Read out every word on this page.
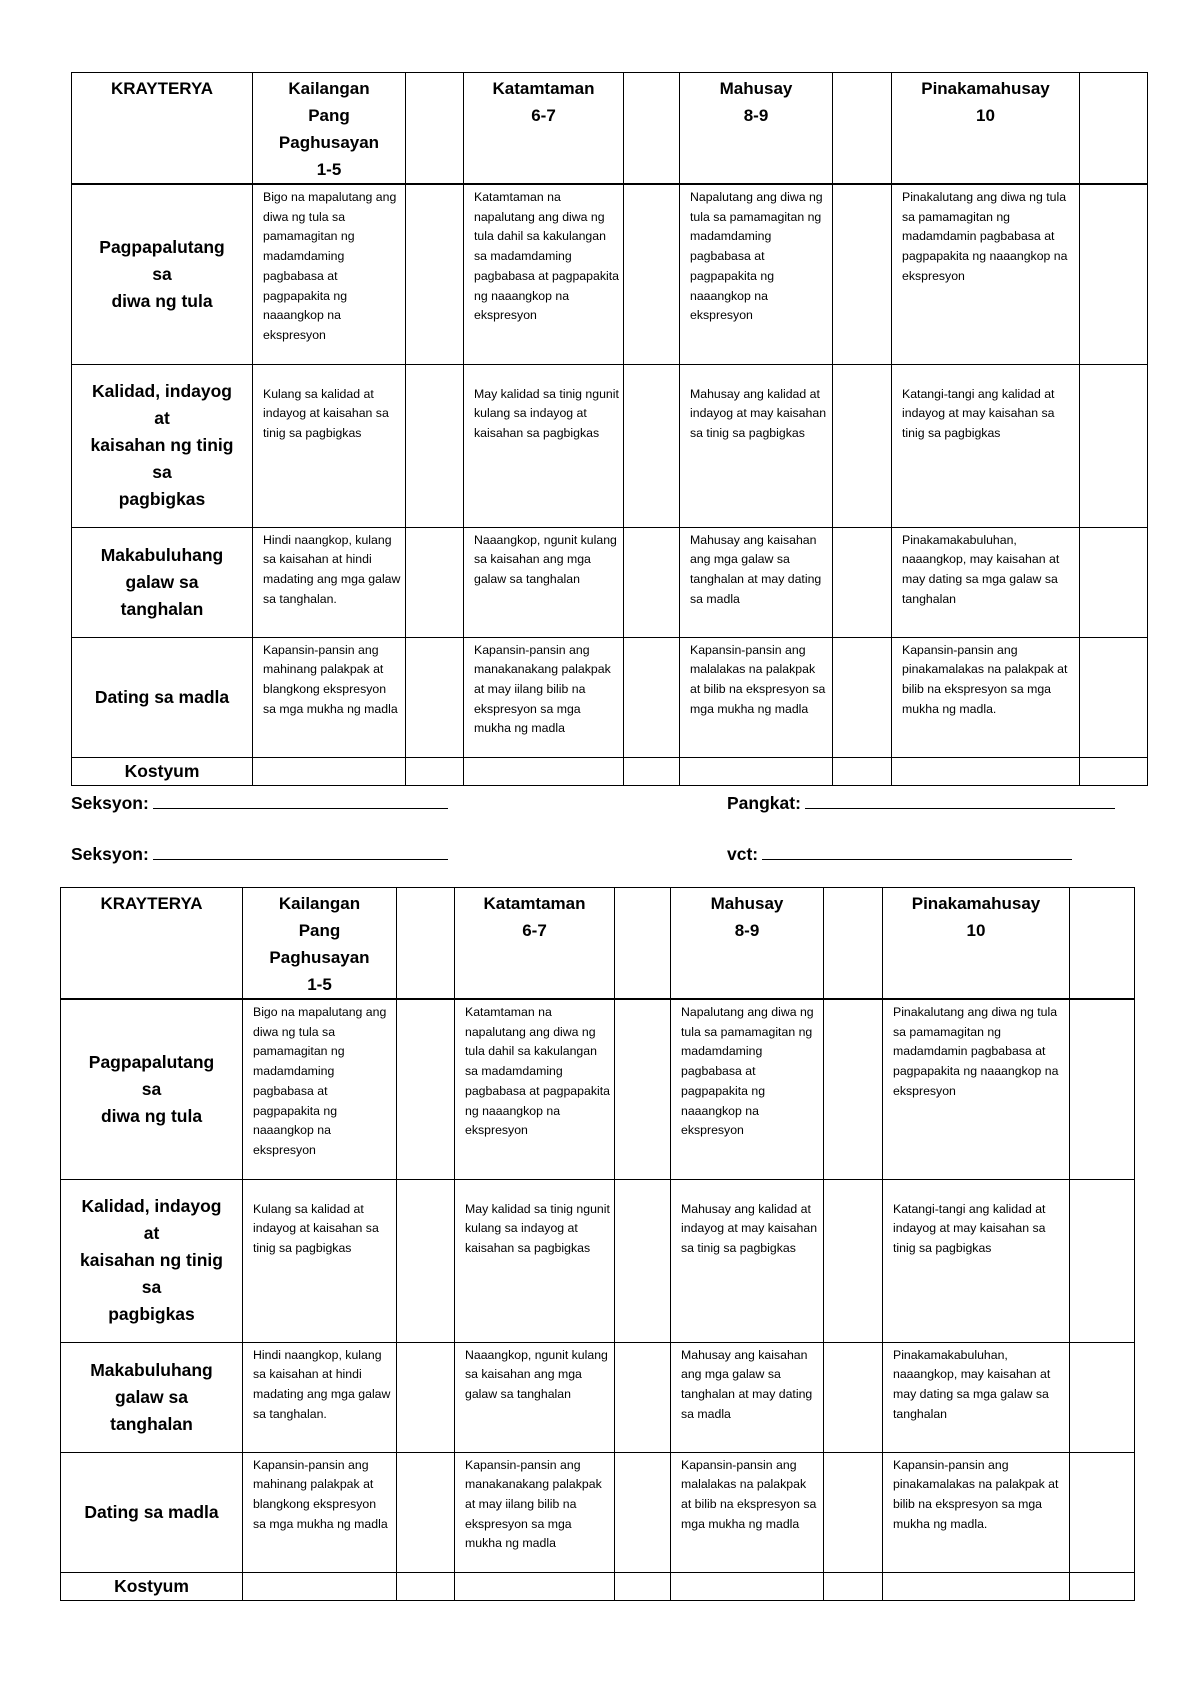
KRAYTERYA	Kailangan
Pang
Paghusayan
1-5		Katamtaman
6-7		Mahusay
8-9		Pinakamahusay
10	

Pagpapalutang
sa
diwa ng tula	Bigo na mapalutang ang diwa ng tula sa pamamagitan ng madamdaming pagbabasa at pagpapakita ng naaangkop na ekspresyon		Katamtaman na napalutang ang diwa ng tula dahil sa kakulangan sa madamdaming pagbabasa at pagpapakita ng naaangkop na ekspresyon		Napalutang ang diwa ng tula sa pamamagitan ng madamdaming pagbabasa at pagpapakita ng naaangkop na ekspresyon		Pinakalutang ang diwa ng tula sa pamamagitan ng madamdamin pagbabasa at pagpapakita ng naaangkop na ekspresyon	

Kalidad, indayog
at
kaisahan ng tinig
sa
pagbigkas	Kulang sa kalidad at indayog at kaisahan sa tinig sa pagbigkas		May kalidad sa tinig ngunit kulang sa indayog at kaisahan sa pagbigkas		Mahusay ang kalidad at indayog at may kaisahan sa tinig sa pagbigkas		Katangi-tangi ang kalidad at indayog at may kaisahan sa tinig sa pagbigkas	

Makabuluhang
galaw sa
tanghalan	Hindi naangkop, kulang sa kaisahan at hindi madating ang mga galaw sa tanghalan.		Naaangkop, ngunit kulang sa kaisahan ang mga galaw sa tanghalan		Mahusay ang kaisahan ang mga galaw sa tanghalan at may dating sa madla		Pinakamakabuluhan, naaangkop, may kaisahan at may dating sa mga galaw sa tanghalan	

Dating sa madla	Kapansin-pansin ang mahinang palakpak at blangkong ekspresyon sa mga mukha ng madla		Kapansin-pansin ang manakanakang palakpak at may iilang bilib na ekspresyon sa mga mukha ng madla		Kapansin-pansin ang malalakas na palakpak at bilib na ekspresyon sa mga mukha ng madla		Kapansin-pansin ang pinakamalakas na palakpak at bilib na ekspresyon sa mga mukha ng madla.	
Kostyum								
Seksyon:	Pangkat:
Seksyon:	vct:
KRAYTERYA	Kailangan
Pang
Paghusayan
1-5		Katamtaman
6-7		Mahusay
8-9		Pinakamahusay
10	

Pagpapalutang
sa
diwa ng tula	Bigo na mapalutang ang diwa ng tula sa pamamagitan ng madamdaming pagbabasa at pagpapakita ng naaangkop na ekspresyon		Katamtaman na napalutang ang diwa ng tula dahil sa kakulangan sa madamdaming pagbabasa at pagpapakita ng naaangkop na ekspresyon		Napalutang ang diwa ng tula sa pamamagitan ng madamdaming pagbabasa at pagpapakita ng naaangkop na ekspresyon		Pinakalutang ang diwa ng tula sa pamamagitan ng madamdamin pagbabasa at pagpapakita ng naaangkop na ekspresyon	

Kalidad, indayog
at
kaisahan ng tinig
sa
pagbigkas	Kulang sa kalidad at indayog at kaisahan sa tinig sa pagbigkas		May kalidad sa tinig ngunit kulang sa indayog at kaisahan sa pagbigkas		Mahusay ang kalidad at indayog at may kaisahan sa tinig sa pagbigkas		Katangi-tangi ang kalidad at indayog at may kaisahan sa tinig sa pagbigkas	

Makabuluhang
galaw sa
tanghalan	Hindi naangkop, kulang sa kaisahan at hindi madating ang mga galaw sa tanghalan.		Naaangkop, ngunit kulang sa kaisahan ang mga galaw sa tanghalan		Mahusay ang kaisahan ang mga galaw sa tanghalan at may dating sa madla		Pinakamakabuluhan, naaangkop, may kaisahan at may dating sa mga galaw sa tanghalan	

Dating sa madla	Kapansin-pansin ang mahinang palakpak at blangkong ekspresyon sa mga mukha ng madla		Kapansin-pansin ang manakanakang palakpak at may iilang bilib na ekspresyon sa mga mukha ng madla		Kapansin-pansin ang malalakas na palakpak at bilib na ekspresyon sa mga mukha ng madla		Kapansin-pansin ang pinakamalakas na palakpak at bilib na ekspresyon sa mga mukha ng madla.	
Kostyum								
